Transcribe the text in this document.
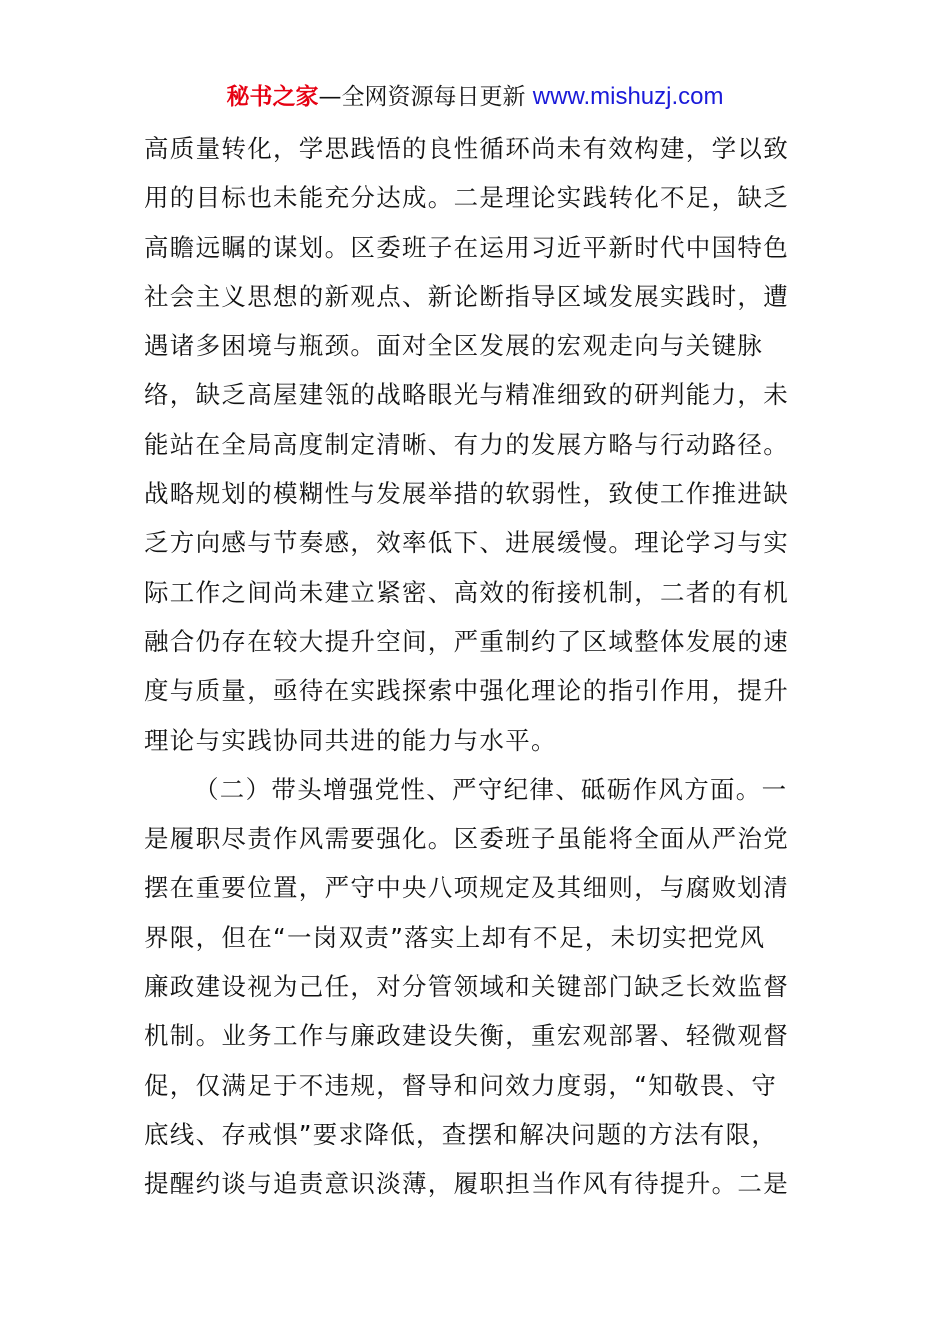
秘书之家—全网资源每日更新 www.mishuzj.com
高质量转化，学思践悟的良性循环尚未有效构建，学以致
用的目标也未能充分达成。二是理论实践转化不足，缺乏
高瞻远瞩的谋划。区委班子在运用习近平新时代中国特色
社会主义思想的新观点、新论断指导区域发展实践时，遭
遇诸多困境与瓶颈。面对全区发展的宏观走向与关键脉
络，缺乏高屋建瓴的战略眼光与精准细致的研判能力，未
能站在全局高度制定清晰、有力的发展方略与行动路径。
战略规划的模糊性与发展举措的软弱性，致使工作推进缺
乏方向感与节奏感，效率低下、进展缓慢。理论学习与实
际工作之间尚未建立紧密、高效的衔接机制，二者的有机
融合仍存在较大提升空间，严重制约了区域整体发展的速
度与质量，亟待在实践探索中强化理论的指引作用，提升
理论与实践协同共进的能力与水平。
（二）带头增强党性、严守纪律、砥砺作风方面。一
是履职尽责作风需要强化。区委班子虽能将全面从严治党
摆在重要位置，严守中央八项规定及其细则，与腐败划清
界限，但在“一岗双责”落实上却有不足，未切实把党风
廉政建设视为己任，对分管领域和关键部门缺乏长效监督
机制。业务工作与廉政建设失衡，重宏观部署、轻微观督
促，仅满足于不违规，督导和问效力度弱，“知敬畏、守
底线、存戒惧”要求降低，查摆和解决问题的方法有限，
提醒约谈与追责意识淡薄，履职担当作风有待提升。二是
